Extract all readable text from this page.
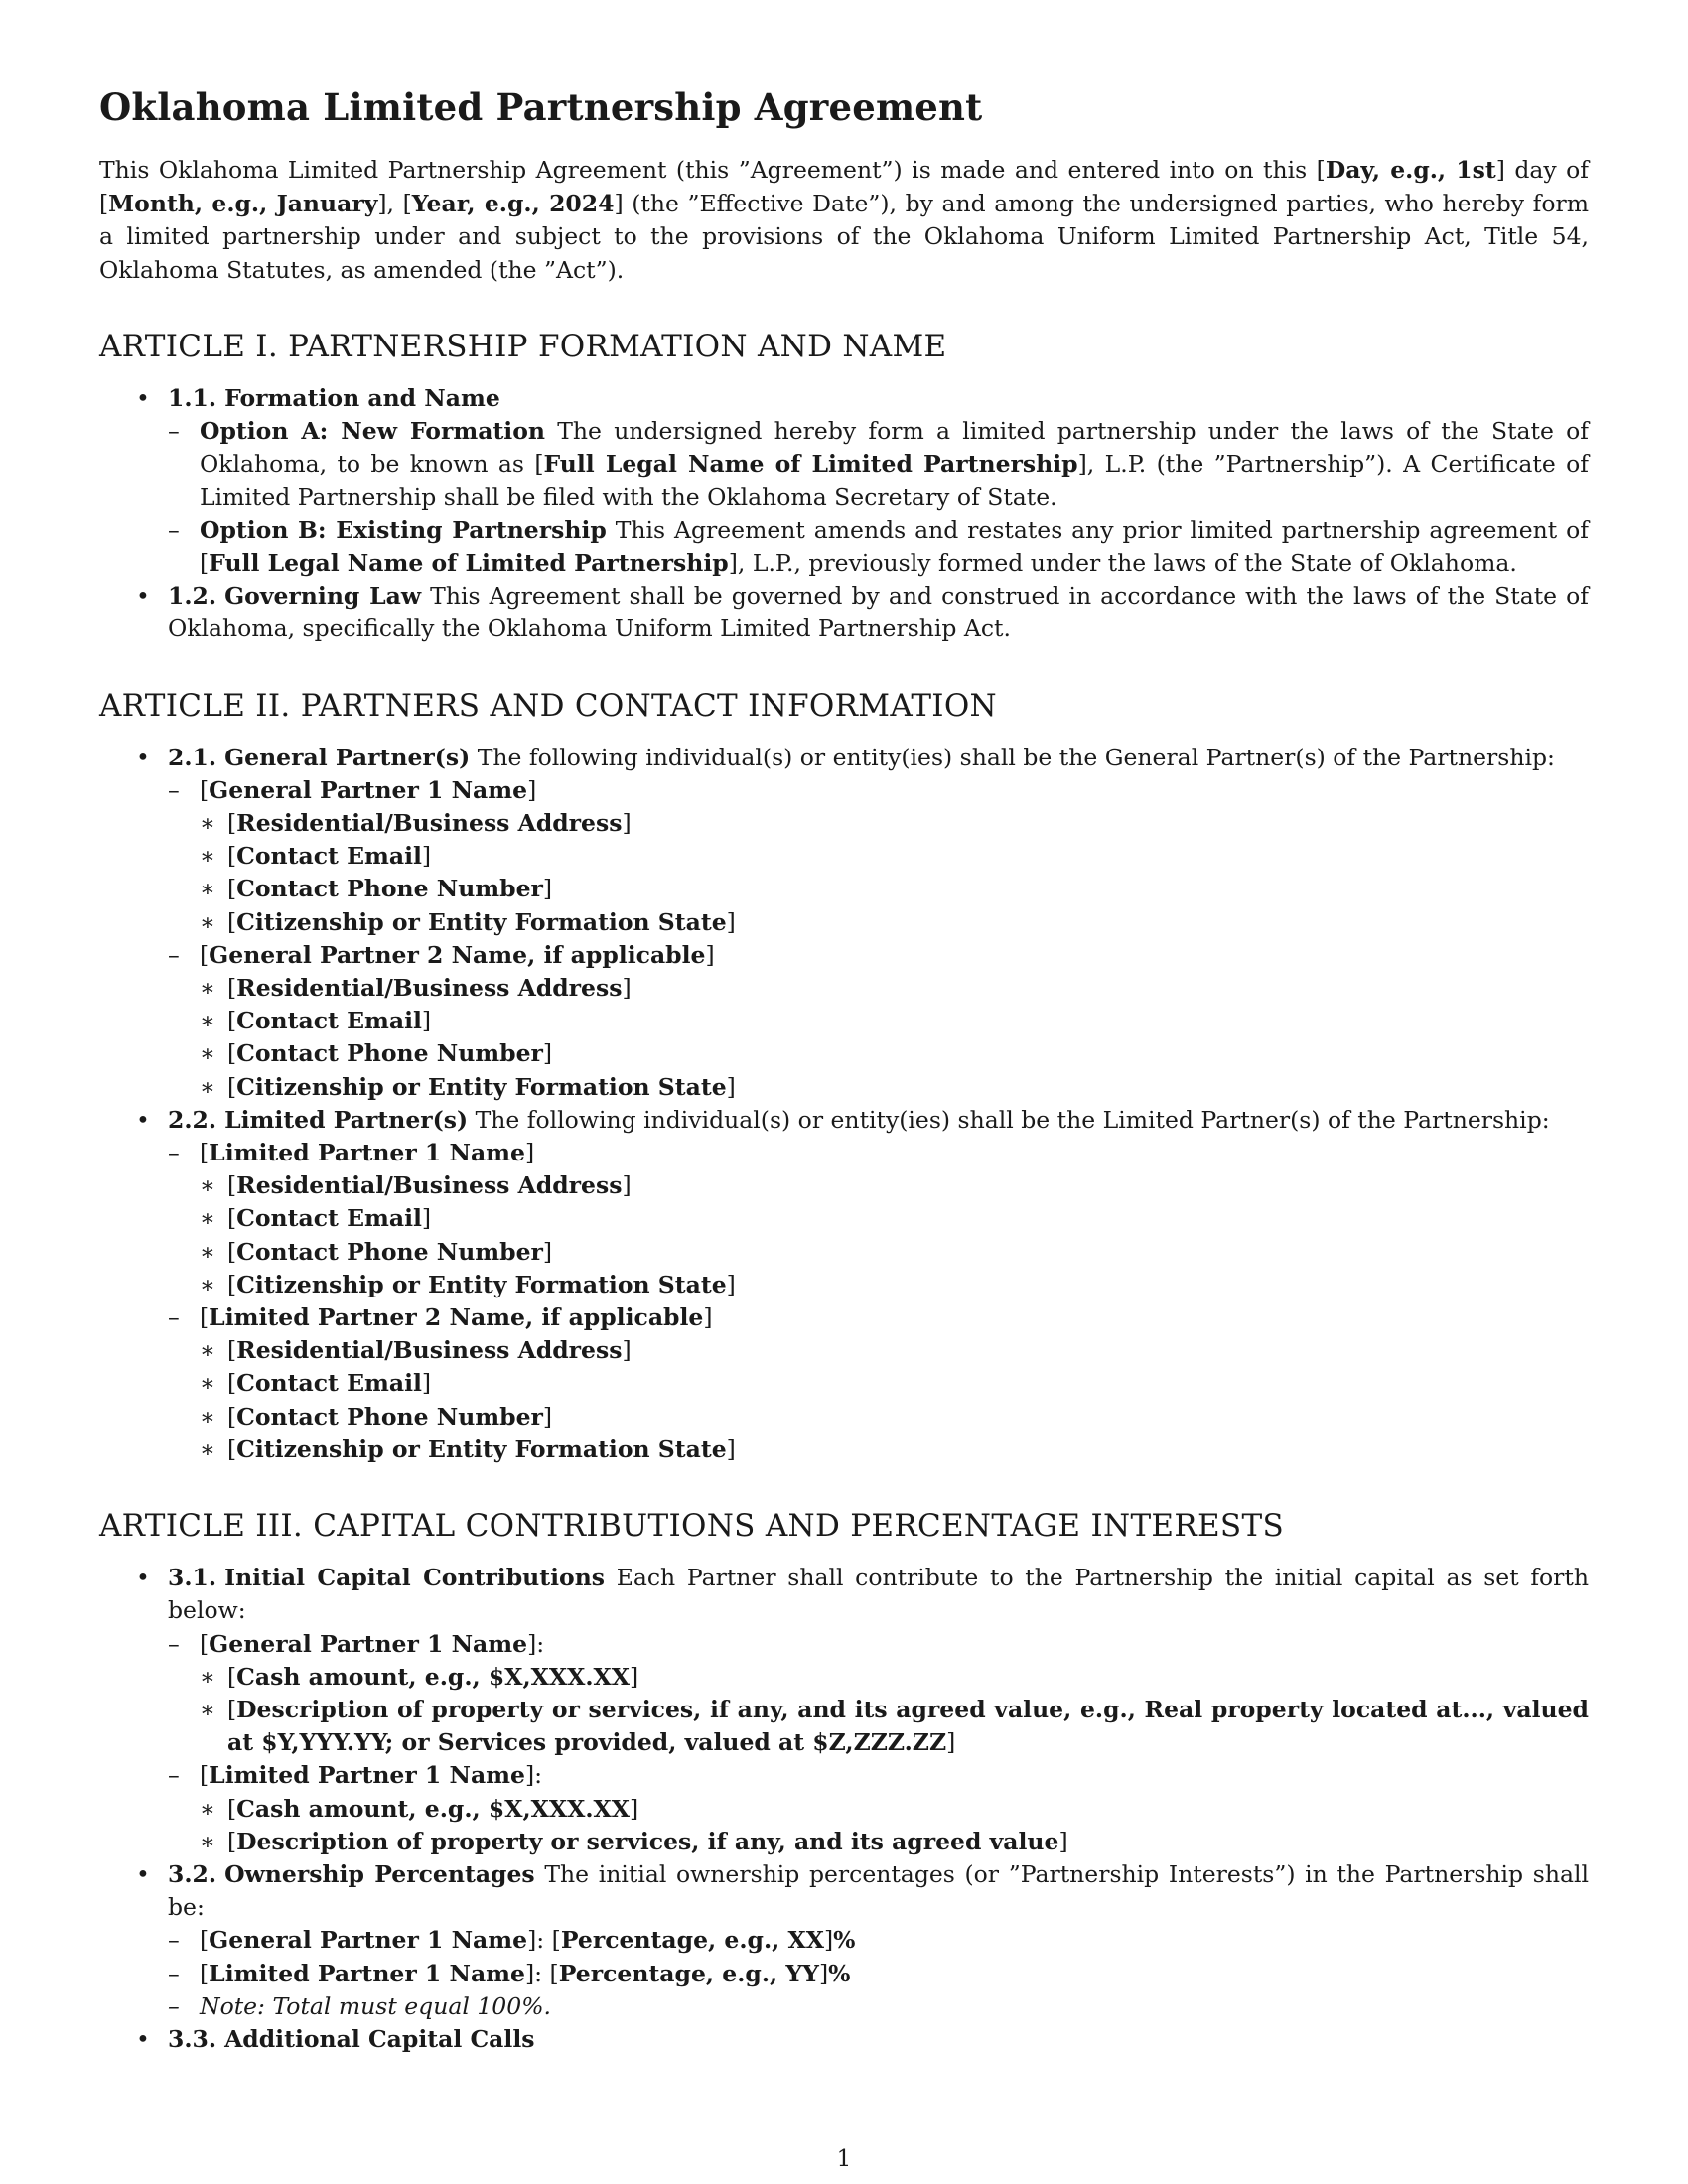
Oklahoma Limited Partnership Agreement

This Oklahoma Limited Partnership Agreement (this ”Agreement”) is made and entered into on this [Day, e.g., 1st] day of [Month, e.g., January], [Year, e.g., 2024] (the ”Effective Date”), by and among the undersigned parties, who hereby form a limited partnership under and subject to the provisions of the Oklahoma Uniform Limited Partnership Act, Title 54, Oklahoma Statutes, as amended (the ”Act”).

ARTICLE I. PARTNERSHIP FORMATION AND NAME
• 1.1. Formation and Name
– Option A: New Formation The undersigned hereby form a limited partnership under the laws of the State of Oklahoma, to be known as [Full Legal Name of Limited Partnership], L.P. (the ”Partnership”). A Certificate of Limited Partnership shall be filed with the Oklahoma Secretary of State.
– Option B: Existing Partnership This Agreement amends and restates any prior limited partnership agreement of [Full Legal Name of Limited Partnership], L.P., previously formed under the laws of the State of Oklahoma.
• 1.2. Governing Law This Agreement shall be governed by and construed in accordance with the laws of the State of Oklahoma, specifically the Oklahoma Uniform Limited Partnership Act.
ARTICLE II. PARTNERS AND CONTACT INFORMATION
• 2.1. General Partner(s) The following individual(s) or entity(ies) shall be the General Partner(s) of the Partnership:
– [General Partner 1 Name]
∗ [Residential/Business Address]
∗ [Contact Email]
∗ [Contact Phone Number]
∗ [Citizenship or Entity Formation State]
– [General Partner 2 Name, if applicable]
∗ [Residential/Business Address]
∗ [Contact Email]
∗ [Contact Phone Number]
∗ [Citizenship or Entity Formation State]
• 2.2. Limited Partner(s) The following individual(s) or entity(ies) shall be the Limited Partner(s) of the Partnership:
– [Limited Partner 1 Name]
∗ [Residential/Business Address]
∗ [Contact Email]
∗ [Contact Phone Number]
∗ [Citizenship or Entity Formation State]
– [Limited Partner 2 Name, if applicable]
∗ [Residential/Business Address]
∗ [Contact Email]
∗ [Contact Phone Number]
∗ [Citizenship or Entity Formation State]
ARTICLE III. CAPITAL CONTRIBUTIONS AND PERCENTAGE INTERESTS
• 3.1. Initial Capital Contributions Each Partner shall contribute to the Partnership the initial capital as set forth below:
– [General Partner 1 Name]:
∗ [Cash amount, e.g., $X,XXX.XX]
∗ [Description of property or services, if any, and its agreed value, e.g., Real property located at..., valued at $Y,YYY.YY; or Services provided, valued at $Z,ZZZ.ZZ]
– [Limited Partner 1 Name]:
∗ [Cash amount, e.g., $X,XXX.XX]
∗ [Description of property or services, if any, and its agreed value]
• 3.2. Ownership Percentages The initial ownership percentages (or ”Partnership Interests”) in the Partnership shall be:
– [General Partner 1 Name]: [Percentage, e.g., XX]%
– [Limited Partner 1 Name]: [Percentage, e.g., YY]%
– Note: Total must equal 100%.
• 3.3. Additional Capital Calls
1
